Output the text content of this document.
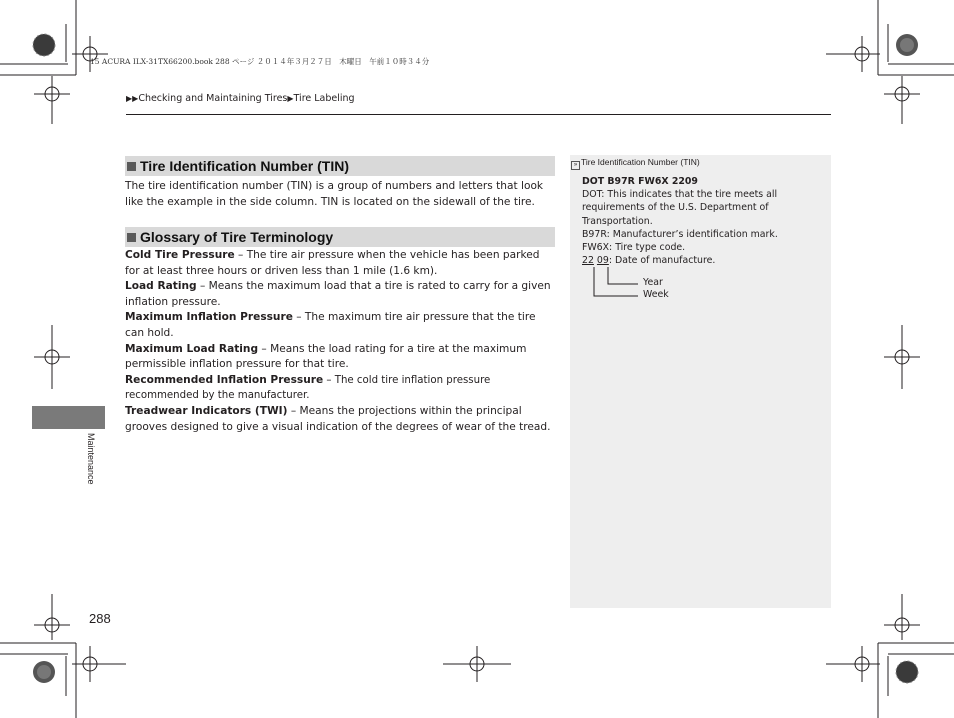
15 ACURA ILX-31TX66200.book 288 ページ ２０１４年３月２７日　木曜日　午前１０時３４分
▶▶Checking and Maintaining Tires▶Tire Labeling
Tire Identification Number (TIN)

The tire identification number (TIN) is a group of numbers and letters that look like the example in the side column. TIN is located on the sidewall of the tire.

Glossary of Tire Terminology

Cold Tire Pressure – The tire air pressure when the vehicle has been parked for at least three hours or driven less than 1 mile (1.6 km).

Load Rating – Means the maximum load that a tire is rated to carry for a given inflation pressure.

Maximum Inflation Pressure – The maximum tire air pressure that the tire can hold.

Maximum Load Rating – Means the load rating for a tire at the maximum permissible inflation pressure for that tire.

Recommended Inflation Pressure – The cold tire inflation pressure recommended by the manufacturer.

Treadwear Indicators (TWI) – Means the projections within the principal grooves designed to give a visual indication of the degrees of wear of the tread.

» Tire Identification Number (TIN)

DOT B97R FW6X 2209

DOT: This indicates that the tire meets all requirements of the U.S. Department of Transportation.

B97R: Manufacturer’s identification mark.

FW6X: Tire type code.

22 09: Date of manufacture.

Year
Week
Maintenance
288
